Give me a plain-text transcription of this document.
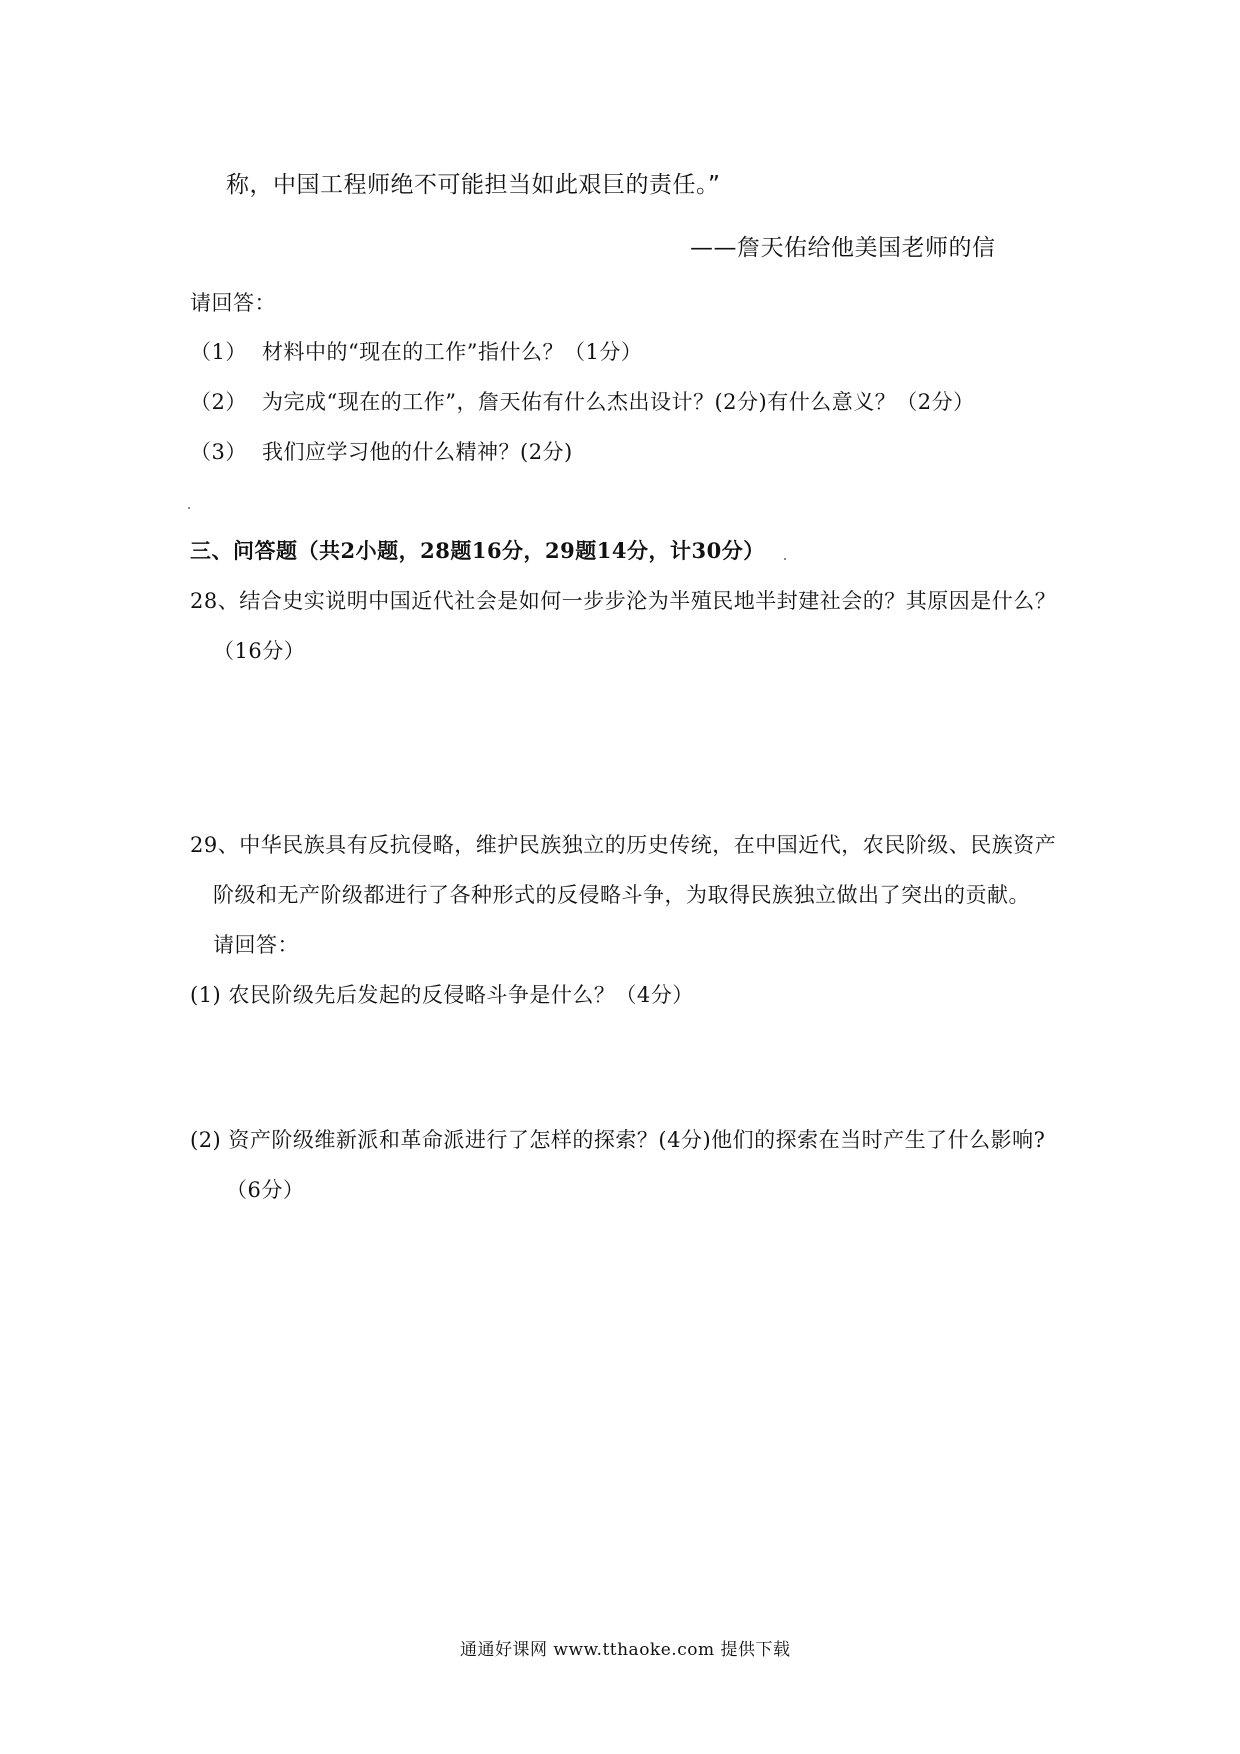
称，中国工程师绝不可能担当如此艰巨的责任。”
——詹天佑给他美国老师的信
请回答：
（1） 材料中的“现在的工作”指什么？（1分）
（2） 为完成“现在的工作”，詹天佑有什么杰出设计？(2分)有什么意义？（2分）
（3） 我们应学习他的什么精神？(2分)
三、问答题（共2小题，28题16分，29题14分，计30分）
28、结合史实说明中国近代社会是如何一步步沦为半殖民地半封建社会的？其原因是什么？
（16分）
29、中华民族具有反抗侵略，维护民族独立的历史传统，在中国近代，农民阶级、民族资产
阶级和无产阶级都进行了各种形式的反侵略斗争，为取得民族独立做出了突出的贡献。
请回答：
(1) 农民阶级先后发起的反侵略斗争是什么？（4分）
(2) 资产阶级维新派和革命派进行了怎样的探索？(4分)他们的探索在当时产生了什么影响?
（6分）
通通好课网 www.tthaoke.com 提供下载
